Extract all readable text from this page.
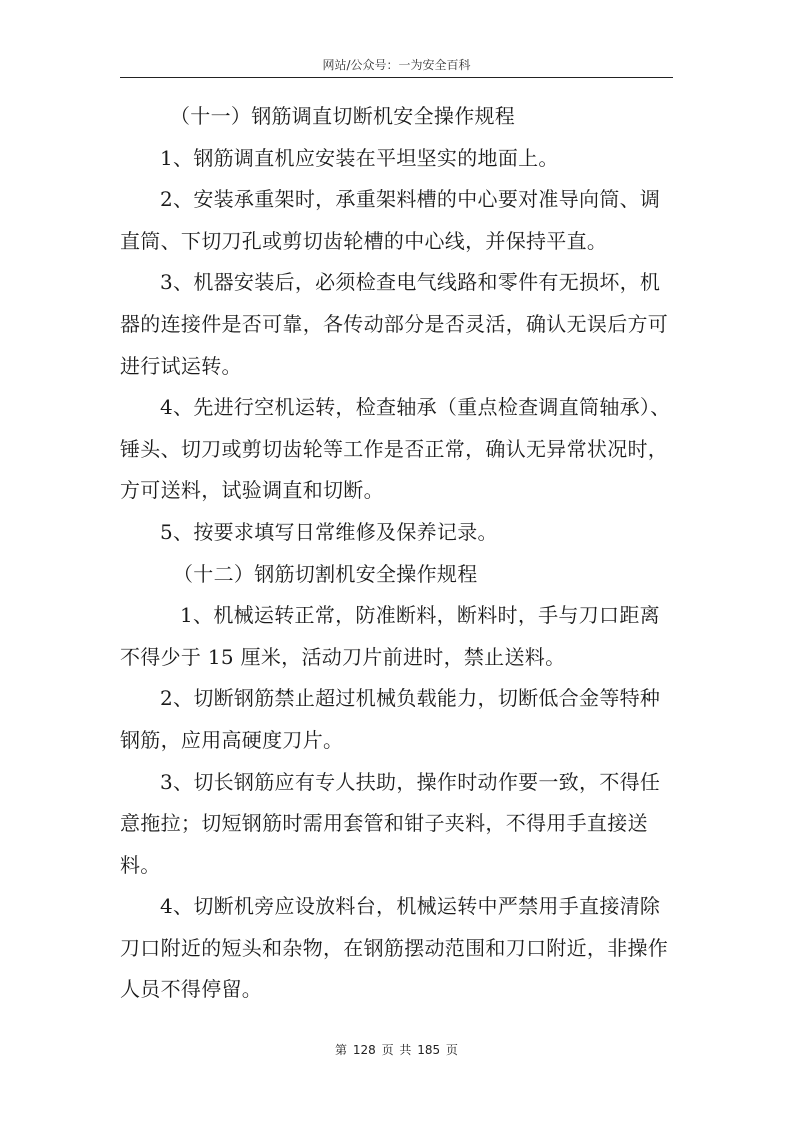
网站/公众号：一为安全百科

（十一）钢筋调直切断机安全操作规程

1、钢筋调直机应安装在平坦坚实的地面上。

2、安装承重架时，承重架料槽的中心要对准导向筒、调直筒、下切刀孔或剪切齿轮槽的中心线，并保持平直。

3、机器安装后，必须检查电气线路和零件有无损坏，机器的连接件是否可靠，各传动部分是否灵活，确认无误后方可进行试运转。

4、先进行空机运转，检查轴承（重点检查调直筒轴承）、锤头、切刀或剪切齿轮等工作是否正常，确认无异常状况时，方可送料，试验调直和切断。

5、按要求填写日常维修及保养记录。

（十二）钢筋切割机安全操作规程

1、机械运转正常，防准断料，断料时，手与刀口距离不得少于 15 厘米，活动刀片前进时，禁止送料。

2、切断钢筋禁止超过机械负载能力，切断低合金等特种钢筋，应用高硬度刀片。

3、切长钢筋应有专人扶助，操作时动作要一致，不得任意拖拉；切短钢筋时需用套管和钳子夹料，不得用手直接送料。

4、切断机旁应设放料台，机械运转中严禁用手直接清除刀口附近的短头和杂物，在钢筋摆动范围和刀口附近，非操作人员不得停留。

第 128 页 共 185 页
